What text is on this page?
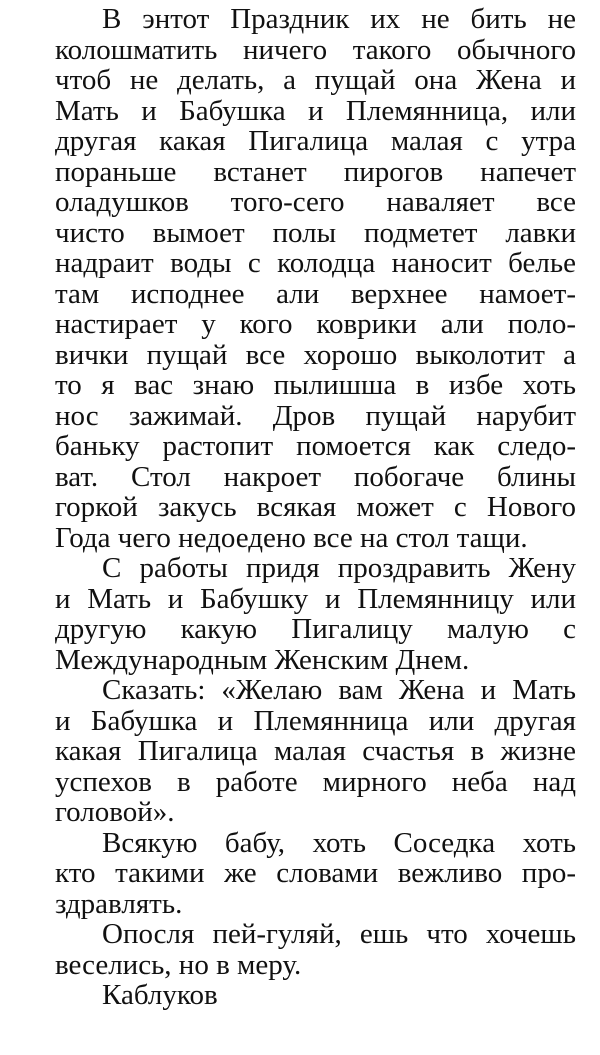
В энтот Праздник их не бить не
колошматить ничего такого обычного
чтоб не делать, а пущай она Жена и
Мать и Бабушка и Племянница, или
другая какая Пигалица малая с утра
пораньше встанет пирогов напечет
оладушков того-сего наваляет все
чисто вымоет полы подметет лавки
надраит воды с колодца наносит белье
там исподнее али верхнее намоет-
настирает у кого коврики али поло-
вички пущай все хорошо выколотит а
то я вас знаю пылишша в избе хоть
нос зажимай. Дров пущай нарубит
баньку растопит помоется как следо-
ват. Стол накроет побогаче блины
горкой закусь всякая может с Нового
Года чего недоедено все на стол тащи.
С работы придя проздравить Жену
и Мать и Бабушку и Племянницу или
другую какую Пигалицу малую с
Международным Женским Днем.
Сказать: «Желаю вам Жена и Мать
и Бабушка и Племянница или другая
какая Пигалица малая счастья в жизне
успехов в работе мирного неба над
головой».
Всякую бабу, хоть Соседка хоть
кто такими же словами вежливо про-
здравлять.
Опосля пей-гуляй, ешь что хочешь
веселись, но в меру.
Каблуков
